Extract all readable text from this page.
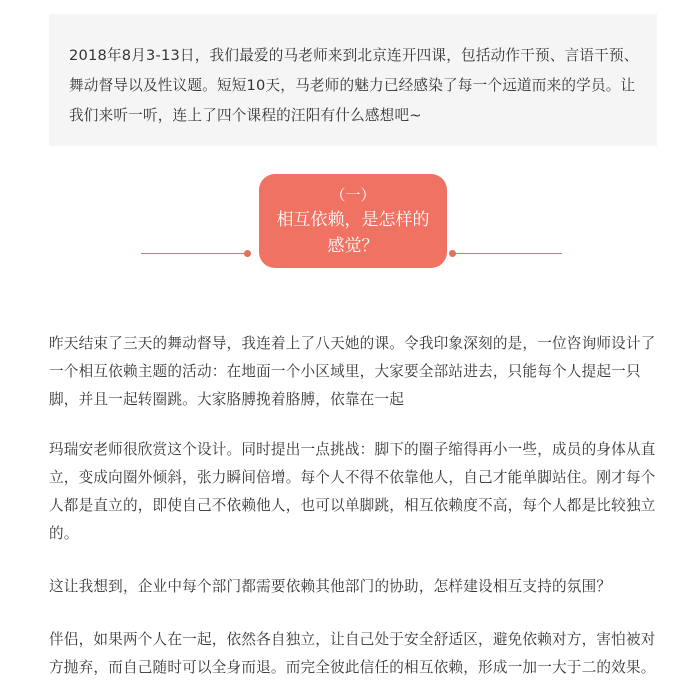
2018年8月3-13日，我们最爱的马老师来到北京连开四课，包括动作干预、言语干预、舞动督导以及性议题。短短10天，马老师的魅力已经感染了每一个远道而来的学员。让我们来听一听，连上了四个课程的汪阳有什么感想吧~

（一）
相互依赖，是怎样的感觉？

昨天结束了三天的舞动督导，我连着上了八天她的课。令我印象深刻的是，一位咨询师设计了一个相互依赖主题的活动：在地面一个小区域里，大家要全部站进去，只能每个人提起一只脚，并且一起转圈跳。大家胳膊挽着胳膊，依靠在一起

玛瑞安老师很欣赏这个设计。同时提出一点挑战：脚下的圈子缩得再小一些，成员的身体从直立，变成向圈外倾斜，张力瞬间倍增。每个人不得不依靠他人，自己才能单脚站住。刚才每个人都是直立的，即使自己不依赖他人，也可以单脚跳，相互依赖度不高，每个人都是比较独立的。

这让我想到，企业中每个部门都需要依赖其他部门的协助，怎样建设相互支持的氛围？

伴侣，如果两个人在一起，依然各自独立，让自己处于安全舒适区，避免依赖对方，害怕被对方抛弃，而自己随时可以全身而退。而完全彼此信任的相互依赖，形成一加一大于二的效果。
